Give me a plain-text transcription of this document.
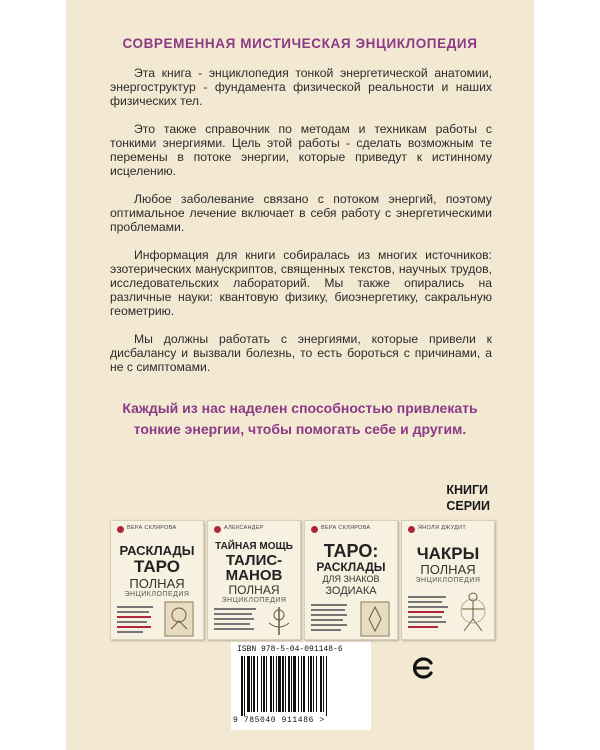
СОВРЕМЕННАЯ МИСТИЧЕСКАЯ ЭНЦИКЛОПЕДИЯ

Эта книга - энциклопедия тонкой энергетической анатомии, энергоструктур - фундамента физической реальности и наших физических тел.

Это также справочник по методам и техникам работы с тонкими энергиями. Цель этой работы - сделать возможным те перемены в потоке энергии, которые приведут к истинному исцелению.

Любое заболевание связано с потоком энергий, поэтому оптимальное лечение включает в себя работу с энергетическими проблемами.

Информация для книги собиралась из многих источников: эзотерических манускриптов, священных текстов, научных трудов, исследовательских лабораторий. Мы также опирались на различные науки: квантовую физику, биоэнергетику, сакральную геометрию.

Мы должны работать с энергиями, которые привели к дисбалансу и вызвали болезнь, то есть бороться с причинами, а не с симптомами.

Каждый из нас наделен способностью привлекать
тонкие энергии, чтобы помогать себе и другим.
КНИГИ
СЕРИИ
ВЕРА СКЛЯРОВА
РАСКЛАДЫ
ТАРО
ПОЛНАЯ
ЭНЦИКЛОПЕДИЯ
АЛЕКСАНДЕР
ТАЙНАЯ МОЩЬ
ТАЛИС-
МАНОВ
ПОЛНАЯ
ЭНЦИКЛОПЕДИЯ
ВЕРА СКЛЯРОВА
ТАРО:
РАСКЛАДЫ
ДЛЯ ЗНАКОВ
ЗОДИАКА
ЯНОЛЯ ДЖУДИТ
ЧАКРЫ
ПОЛНАЯ
ЭНЦИКЛОПЕДИЯ
ISBN 978-5-04-091148-6
9 785040 911486 >
